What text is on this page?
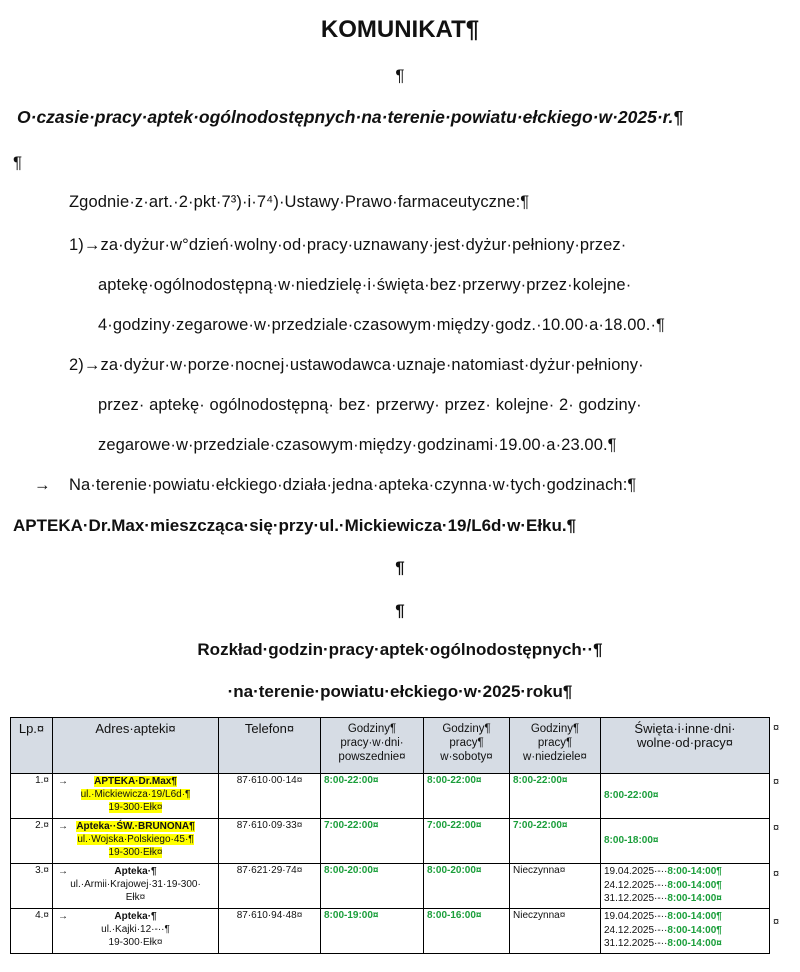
KOMUNIKAT¶
¶
O·czasie·pracy·aptek·ogólnodostępnych·na·terenie·powiatu·ełckiego·w·2025·r.¶
¶
Zgodnie·z·art.·2·pkt·7³)·i·7⁴)·Ustawy·Prawo·farmaceutyczne:¶
1)→za·dyżur·w°dzień·wolny·od·pracy·uznawany·jest·dyżur·pełniony·przez·
aptekę·ogólnodostępną·w·niedzielę·i·święta·bez·przerwy·przez·kolejne·
4·godziny·zegarowe·w·przedziale·czasowym·między·godz.·10.00·a·18.00.·¶
2)→za·dyżur·w·porze·nocnej·ustawodawca·uznaje·natomiast·dyżur·pełniony·
przez· aptekę· ogólnodostępną· bez· przerwy· przez· kolejne· 2· godziny·
zegarowe·w·przedziale·czasowym·między·godzinami·19.00·a·23.00.¶
→ Na·terenie·powiatu·ełckiego·działa·jedna·apteka·czynna·w·tych·godzinach:¶
APTEKA·Dr.Max·mieszcząca·się·przy·ul.·Mickiewicza·19/L6d·w·Ełku.¶
¶
¶
Rozkład·godzin·pracy·aptek·ogólnodostępnych··¶
·na·terenie·powiatu·ełckiego·w·2025·roku¶
Lp.¤	Adres·apteki¤	Telefon¤	Godziny¶
pracy·w·dni·
powszednie¤	Godziny¶
pracy¶
w·soboty¤	Godziny¶
pracy¶
w·niedziele¤	Święta·i·inne·dni·
wolne·od·pracy¤
1.¤	→ APTEKA·Dr.Max¶
ul.·Mickiewicza·19/L6d·¶
19-300·Ełk¤	87·610·00·14¤	8:00-22:00¤	8:00-22:00¤	8:00-22:00¤	8:00-22:00¤
2.¤	→ Apteka··ŚW.·BRUNONA¶
ul.·Wojska·Polskiego·45·¶
19-300·Ełk¤	87·610·09·33¤	7:00-22:00¤	7:00-22:00¤	7:00-22:00¤	8:00-18:00¤
3.¤	→ Apteka·¶
ul.·Armii·Krajowej·31·19-300·
Ełk¤	87·621·29·74¤	8:00-20:00¤	8:00-20:00¤	Nieczynna¤	19.04.2025·-··8:00-14:00¶
24.12.2025·-··8:00-14:00¶
31.12.2025·-··8:00-14:00¤
4.¤	→ Apteka·¶
ul.·Kajki·12·-··¶
19-300·Ełk¤	87·610·94·48¤	8:00-19:00¤	8:00-16:00¤	Nieczynna¤	19.04.2025·-··8:00-14:00¶
24.12.2025·-··8:00-14:00¶
31.12.2025·-··8:00-14:00¤
¤
¤
¤
¤
¤
